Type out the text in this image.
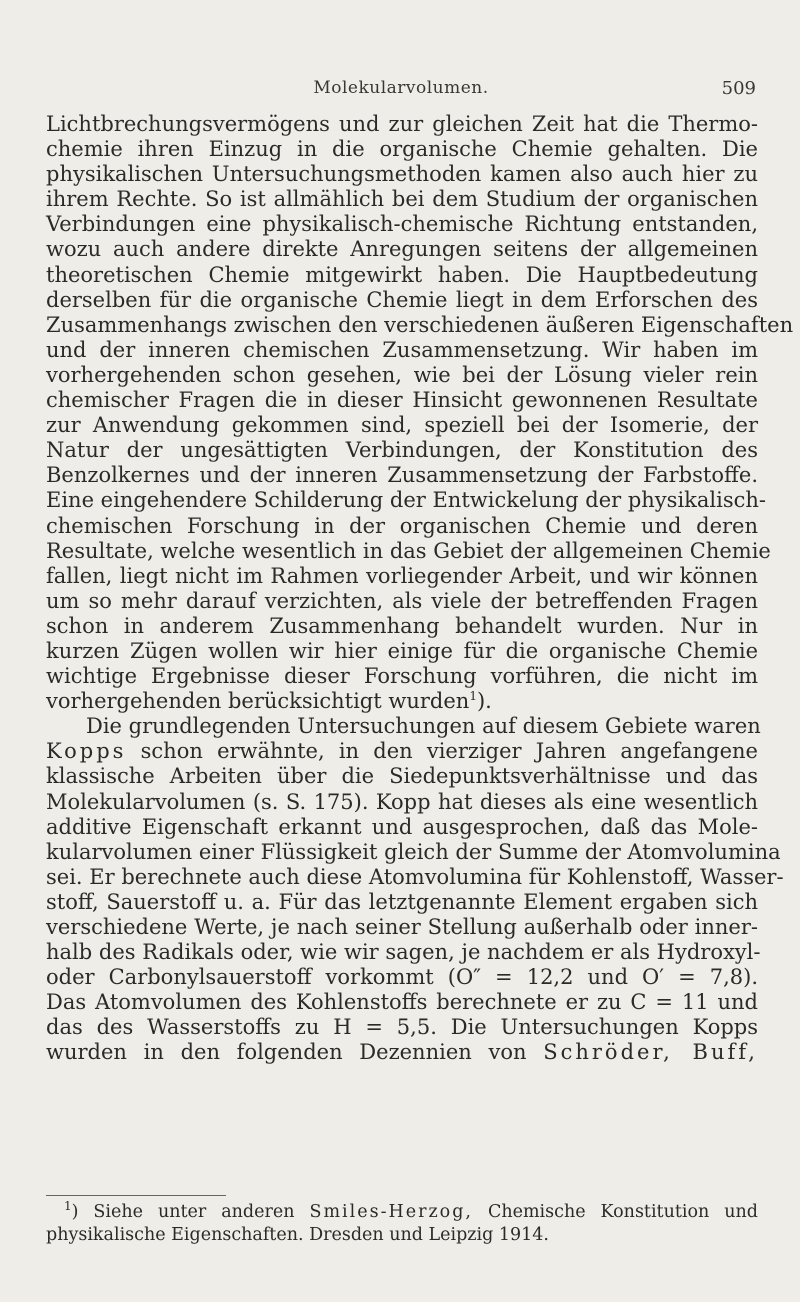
Molekularvolumen.	509
Lichtbrechungsvermögens und zur gleichen Zeit hat die Thermo-
chemie ihren Einzug in die organische Chemie gehalten. Die
physikalischen Untersuchungsmethoden kamen also auch hier zu
ihrem Rechte. So ist allmählich bei dem Studium der organischen
Verbindungen eine physikalisch-chemische Richtung entstanden,
wozu auch andere direkte Anregungen seitens der allgemeinen
theoretischen Chemie mitgewirkt haben. Die Hauptbedeutung
derselben für die organische Chemie liegt in dem Erforschen des
Zusammenhangs zwischen den verschiedenen äußeren Eigenschaften
und der inneren chemischen Zusammensetzung. Wir haben im
vorhergehenden schon gesehen, wie bei der Lösung vieler rein
chemischer Fragen die in dieser Hinsicht gewonnenen Resultate
zur Anwendung gekommen sind, speziell bei der Isomerie, der
Natur der ungesättigten Verbindungen, der Konstitution des
Benzolkernes und der inneren Zusammensetzung der Farbstoffe.
Eine eingehendere Schilderung der Entwickelung der physikalisch-
chemischen Forschung in der organischen Chemie und deren
Resultate, welche wesentlich in das Gebiet der allgemeinen Chemie
fallen, liegt nicht im Rahmen vorliegender Arbeit, und wir können
um so mehr darauf verzichten, als viele der betreffenden Fragen
schon in anderem Zusammenhang behandelt wurden. Nur in
kurzen Zügen wollen wir hier einige für die organische Chemie
wichtige Ergebnisse dieser Forschung vorführen, die nicht im
vorhergehenden berücksichtigt wurden$^1$).
Die grundlegenden Untersuchungen auf diesem Gebiete waren
Kopps schon erwähnte, in den vierziger Jahren angefangene
klassische Arbeiten über die Siedepunktsverhältnisse und das
Molekularvolumen (s. S. 175). Kopp hat dieses als eine wesentlich
additive Eigenschaft erkannt und ausgesprochen, daß das Mole-
kularvolumen einer Flüssigkeit gleich der Summe der Atomvolumina
sei. Er berechnete auch diese Atomvolumina für Kohlenstoff, Wasser-
stoff, Sauerstoff u. a. Für das letztgenannte Element ergaben sich
verschiedene Werte, je nach seiner Stellung außerhalb oder inner-
halb des Radikals oder, wie wir sagen, je nachdem er als Hydroxyl-
oder Carbonylsauerstoff vorkommt (O″ = 12,2 und O′ = 7,8).
Das Atomvolumen des Kohlenstoffs berechnete er zu C = 11 und
das des Wasserstoffs zu H = 5,5. Die Untersuchungen Kopps
wurden in den folgenden Dezennien von Schröder, Buff,
$^1$) Siehe unter anderen Smiles-Herzog, Chemische Konstitution und
physikalische Eigenschaften. Dresden und Leipzig 1914.
